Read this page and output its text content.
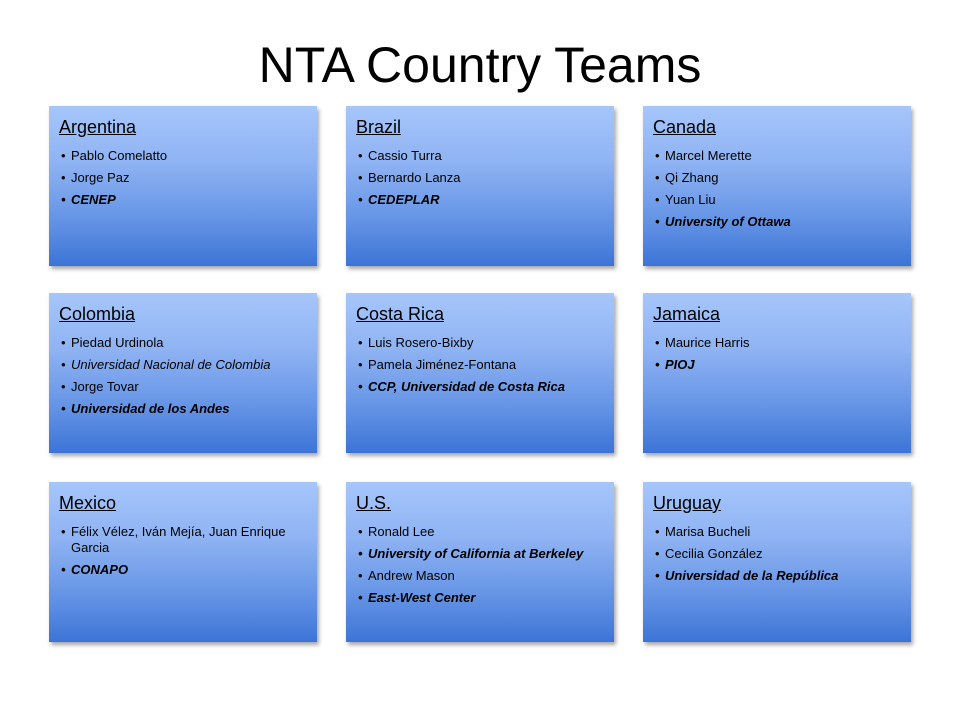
NTA Country Teams
Argentina
• Pablo Comelatto
• Jorge Paz
• CENEP
Brazil
• Cassio Turra
• Bernardo Lanza
• CEDEPLAR
Canada
• Marcel Merette
• Qi Zhang
• Yuan Liu
• University of Ottawa
Colombia
• Piedad Urdinola
• Universidad Nacional de Colombia
• Jorge Tovar
• Universidad de los Andes
Costa Rica
• Luis Rosero-Bixby
• Pamela Jiménez-Fontana
• CCP, Universidad de Costa Rica
Jamaica
• Maurice Harris
• PIOJ
Mexico
• Félix Vélez, Iván Mejía, Juan Enrique Garcia
• CONAPO
U.S.
• Ronald Lee
• University of California at Berkeley
• Andrew Mason
• East-West Center
Uruguay
• Marisa Bucheli
• Cecilia González
• Universidad de la República
